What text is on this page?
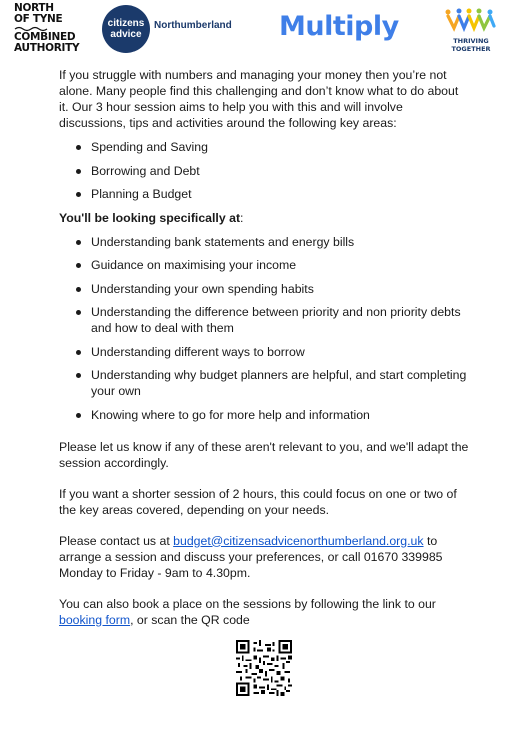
NORTH
OF TYNE
COMBINED
AUTHORITY
citizens
advice
Northumberland Multiply	THRIVING
TOGETHER

If you struggle with numbers and managing your money then you’re not alone. Many people find this challenging and don’t know what to do about it. Our 3 hour session aims to help you with this and will involve discussions, tips and activities around the following key areas:

Spending and Saving
Borrowing and Debt
Planning a Budget

You'll be looking specifically at:

Understanding bank statements and energy bills
Guidance on maximising your income
Understanding your own spending habits
Understanding the difference between priority and non priority debts and how to deal with them
Understanding different ways to borrow
Understanding why budget planners are helpful, and start completing your own
Knowing where to go for more help and information

Please let us know if any of these aren't relevant to you, and we'll adapt the session accordingly.

If you want a shorter session of 2 hours, this could focus on one or two of the key areas covered, depending on your needs.

Please contact us at budget@citizensadvicenorthumberland.org.uk to arrange a session and discuss your preferences, or call 01670 339985 Monday to Friday - 9am to 4.30pm.

You can also book a place on the sessions by following the link to our booking form, or scan the QR code
